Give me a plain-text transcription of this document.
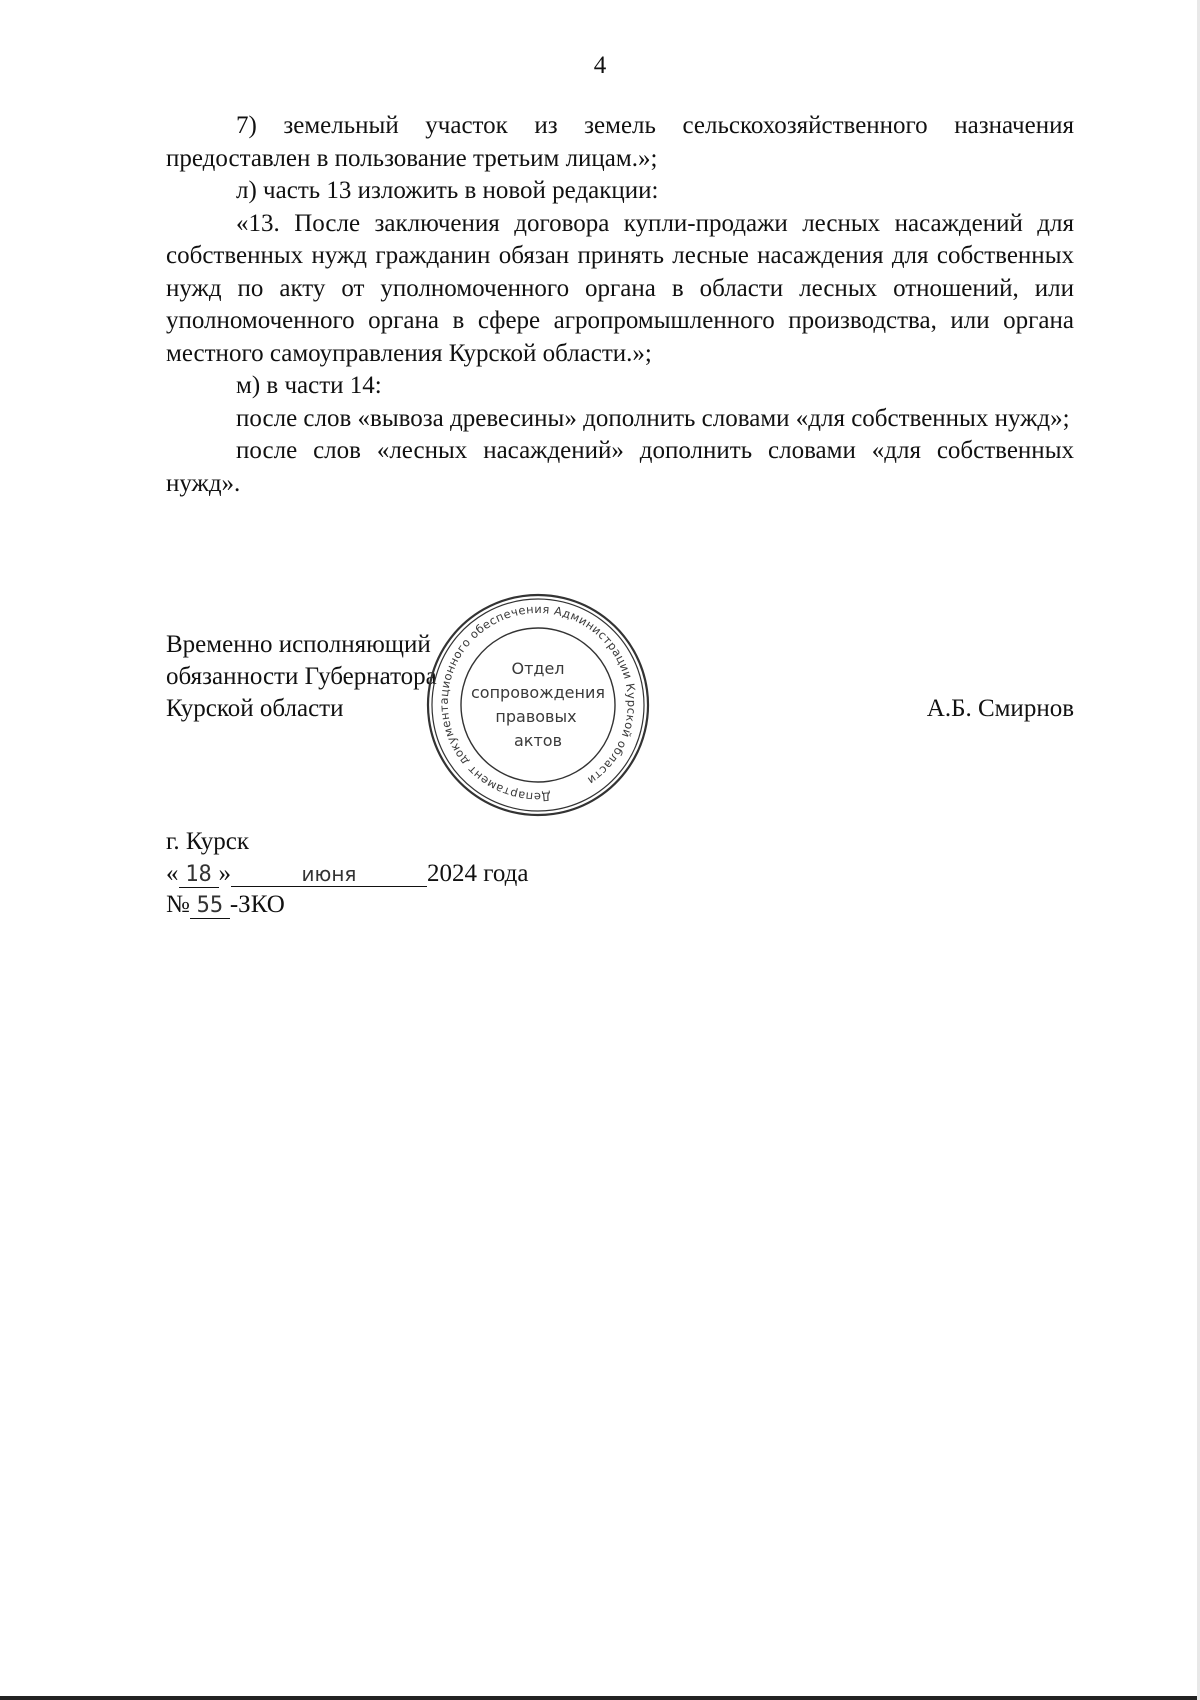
4

7) земельный участок из земель сельскохозяйственного назначения предоставлен в пользование третьим лицам.»;

л) часть 13 изложить в новой редакции:

«13. После заключения договора купли-продажи лесных насаждений для собственных нужд гражданин обязан принять лесные насаждения для собственных нужд по акту от уполномоченного органа в области лесных отношений, или уполномоченного органа в сфере агропромышленного производства, или органа местного самоуправления Курской области.»;

м) в части 14:

после слов «вывоза древесины» дополнить словами «для собственных нужд»;

после слов «лесных насаждений» дополнить словами «для собственных нужд».

Временно исполняющий
обязанности Губернатора
Курской области
Департамент документационного обеспечения Администрации Курской области
Отдел
сопровождения
правовых
актов
А.Б. Смирнов
г. Курск
« 18 »	июня	2024 года
№ 55 -ЗКО
